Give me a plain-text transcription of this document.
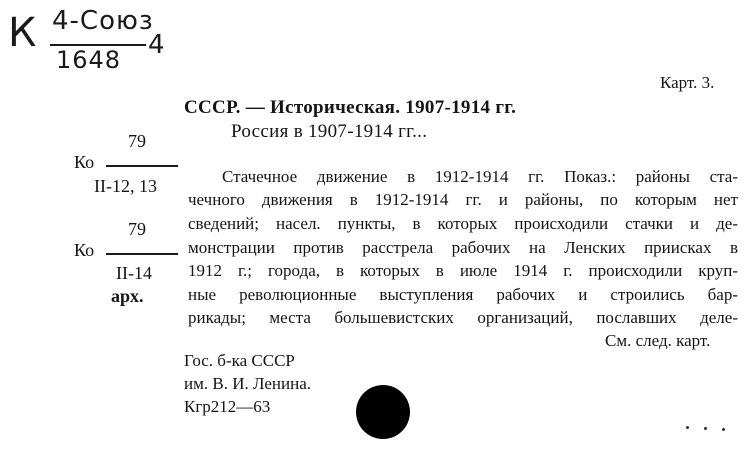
К 4-Союз
1648 4
Карт. 3.
СССР. — Историческая. 1907-1914 гг.
Россия в 1907-1914 гг...
79
Ко
II-12, 13
79
Ко
II-14
арх.
Стачечное движение в 1912-1914 гг. Показ.: районы ста-
чечного движения в 1912-1914 гг. и районы, по которым нет
сведений; насел. пункты, в которых происходили стачки и де-
монстрации против расстрела рабочих на Ленских приисках в
1912 г.; города, в которых в июле 1914 г. происходили круп-
ные революционные выступления рабочих и строились бар-
рикады; места большевистских организаций, пославших деле-
См. след. карт.
Гос. б-ка СССР
им. В. И. Ленина.
Кгр212—63
